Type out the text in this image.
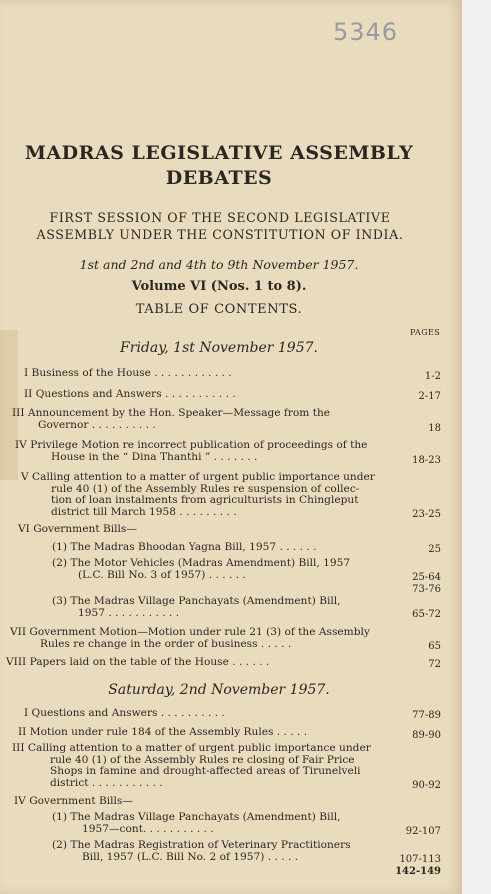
5346
MADRAS LEGISLATIVE ASSEMBLY
DEBATES
FIRST SESSION OF THE SECOND LEGISLATIVE
ASSEMBLY UNDER THE CONSTITUTION OF INDIA.
1st and 2nd and 4th to 9th November 1957.
Volume VI (Nos. 1 to 8).
TABLE OF CONTENTS.
PAGES
Friday, 1st November 1957.
Saturday, 2nd November 1957.
I Business of the House . . . . . . . . . . . .	1-2
II Questions and Answers . . . . . . . . . . .	2-17
III Announcement by the Hon. Speaker—Message from the
Governor . . . . . . . . . .	18
IV Privilege Motion re incorrect publication of proceedings of the
House in the “ Dina Thanthi ” . . . . . . .	18-23
V Calling attention to a matter of urgent public importance under
rule 40 (1) of the Assembly Rules re suspension of collec-
tion of loan instalments from agriculturists in Chingleput
district till March 1958 . . . . . . . . .	23-25
VI Government Bills—
(1) The Madras Bhoodan Yagna Bill, 1957 . . . . . .	25
(2) The Motor Vehicles (Madras Amendment) Bill, 1957
(L.C. Bill No. 3 of 1957) . . . . . .	25-64
73-76
(3) The Madras Village Panchayats (Amendment) Bill,
1957 . . . . . . . . . . .	65-72
VII Government Motion—Motion under rule 21 (3) of the Assembly
Rules re change in the order of business . . . . .	65
VIII Papers laid on the table of the House . . . . . .	72
I Questions and Answers . . . . . . . . . .	77-89
II Motion under rule 184 of the Assembly Rules . . . . .	89-90
III Calling attention to a matter of urgent public importance under
rule 40 (1) of the Assembly Rules re closing of Fair Price
Shops in famine and drought-affected areas of Tirunelveli
district . . . . . . . . . . .	90-92
IV Government Bills—
(1) The Madras Village Panchayats (Amendment) Bill,
1957—cont. . . . . . . . . . .	92-107
(2) The Madras Registration of Veterinary Practitioners
Bill, 1957 (L.C. Bill No. 2 of 1957) . . . . .	107-113
142-149
